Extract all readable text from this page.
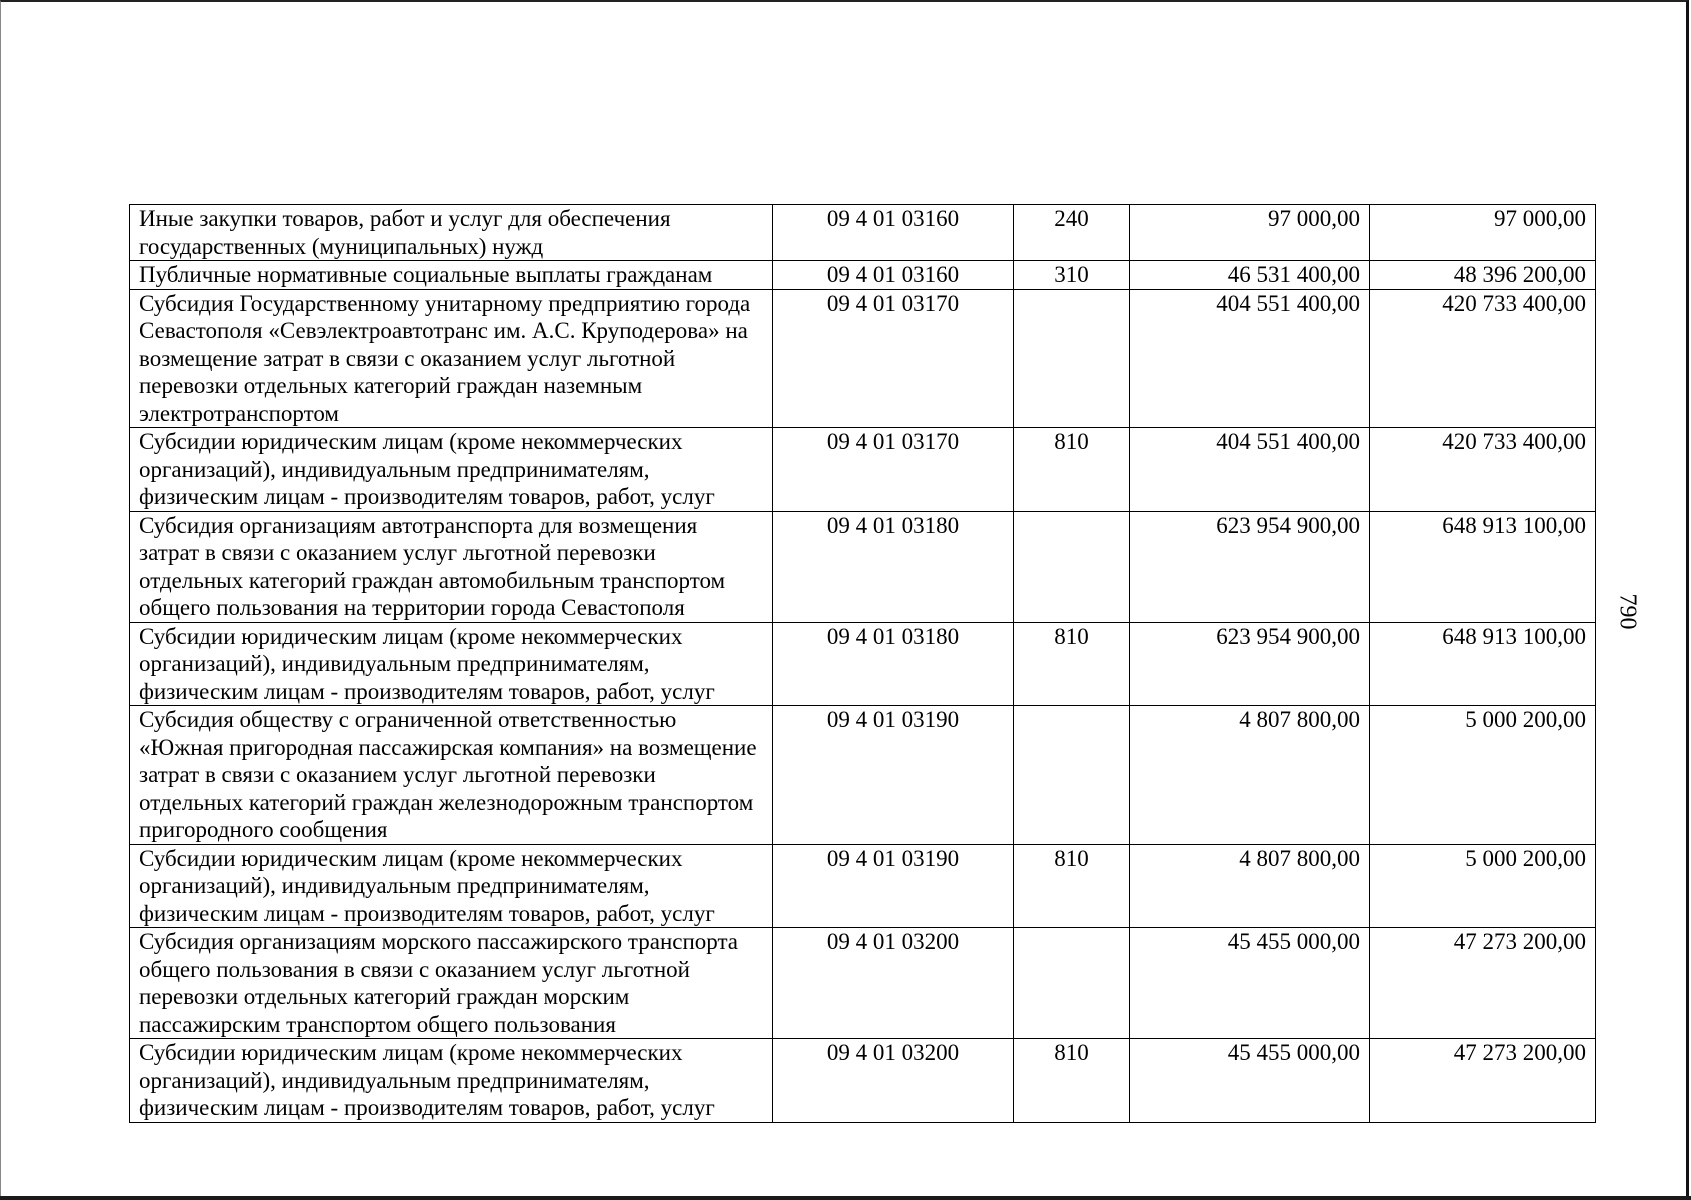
Иные закупки товаров, работ и услуг для обеспечения государственных (муниципальных) нужд	09 4 01 03160	240	97 000,00	97 000,00
Публичные нормативные социальные выплаты гражданам	09 4 01 03160	310	46 531 400,00	48 396 200,00
Субсидия Государственному унитарному предприятию города Севастополя «Севэлектроавтотранс им. А.С. Круподерова» на возмещение затрат в связи с оказанием услуг льготной перевозки отдельных категорий граждан наземным электротранспортом	09 4 01 03170		404 551 400,00	420 733 400,00
Субсидии юридическим лицам (кроме некоммерческих организаций), индивидуальным предпринимателям, физическим лицам - производителям товаров, работ, услуг	09 4 01 03170	810	404 551 400,00	420 733 400,00
Субсидия организациям автотранспорта для возмещения затрат в связи с оказанием услуг льготной перевозки отдельных категорий граждан автомобильным транспортом общего пользования на территории города Севастополя	09 4 01 03180		623 954 900,00	648 913 100,00
Субсидии юридическим лицам (кроме некоммерческих организаций), индивидуальным предпринимателям, физическим лицам - производителям товаров, работ, услуг	09 4 01 03180	810	623 954 900,00	648 913 100,00
Субсидия обществу с ограниченной ответственностью «Южная пригородная пассажирская компания» на возмещение затрат в связи с оказанием услуг льготной перевозки отдельных категорий граждан железнодорожным транспортом пригородного сообщения	09 4 01 03190		4 807 800,00	5 000 200,00
Субсидии юридическим лицам (кроме некоммерческих организаций), индивидуальным предпринимателям, физическим лицам - производителям товаров, работ, услуг	09 4 01 03190	810	4 807 800,00	5 000 200,00
Субсидия организациям морского пассажирского транспорта общего пользования в связи с оказанием услуг льготной перевозки отдельных категорий граждан морским пассажирским транспортом общего пользования	09 4 01 03200		45 455 000,00	47 273 200,00
Субсидии юридическим лицам (кроме некоммерческих организаций), индивидуальным предпринимателям, физическим лицам - производителям товаров, работ, услуг	09 4 01 03200	810	45 455 000,00	47 273 200,00
790
